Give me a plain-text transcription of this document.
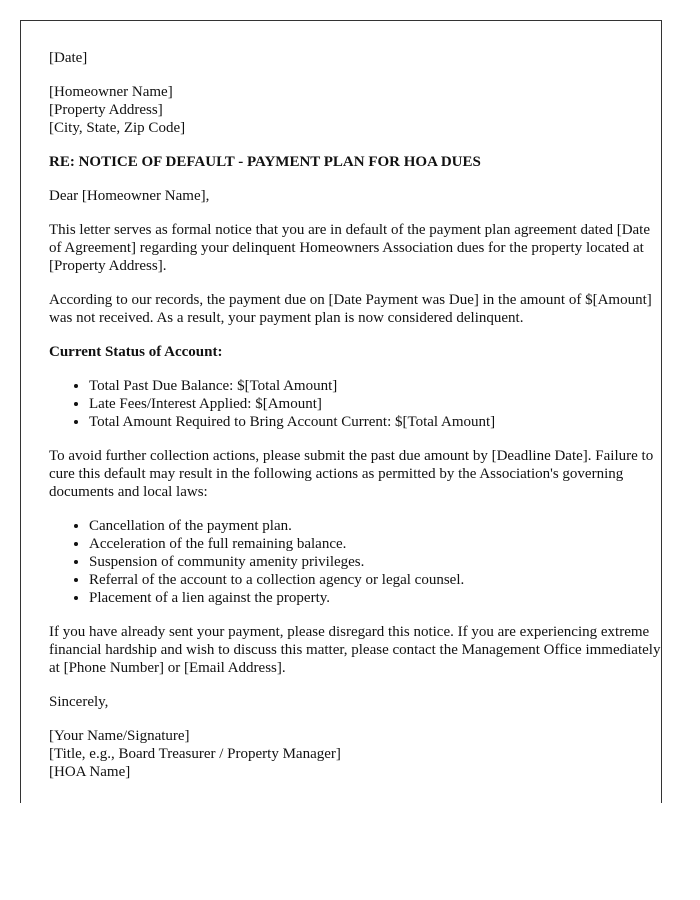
[Date]

[Homeowner Name]
[Property Address]
[City, State, Zip Code]

RE: NOTICE OF DEFAULT - PAYMENT PLAN FOR HOA DUES

Dear [Homeowner Name],

This letter serves as formal notice that you are in default of the payment plan agreement dated [Date of Agreement] regarding your delinquent Homeowners Association dues for the property located at [Property Address].

According to our records, the payment due on [Date Payment was Due] in the amount of $[Amount] was not received. As a result, your payment plan is now considered delinquent.

Current Status of Account:

• Total Past Due Balance: $[Total Amount]
• Late Fees/Interest Applied: $[Amount]
• Total Amount Required to Bring Account Current: $[Total Amount]

To avoid further collection actions, please submit the past due amount by [Deadline Date]. Failure to cure this default may result in the following actions as permitted by the Association's governing documents and local laws:

• Cancellation of the payment plan.
• Acceleration of the full remaining balance.
• Suspension of community amenity privileges.
• Referral of the account to a collection agency or legal counsel.
• Placement of a lien against the property.

If you have already sent your payment, please disregard this notice. If you are experiencing extreme financial hardship and wish to discuss this matter, please contact the Management Office immediately at [Phone Number] or [Email Address].

Sincerely,

[Your Name/Signature]
[Title, e.g., Board Treasurer / Property Manager]
[HOA Name]
